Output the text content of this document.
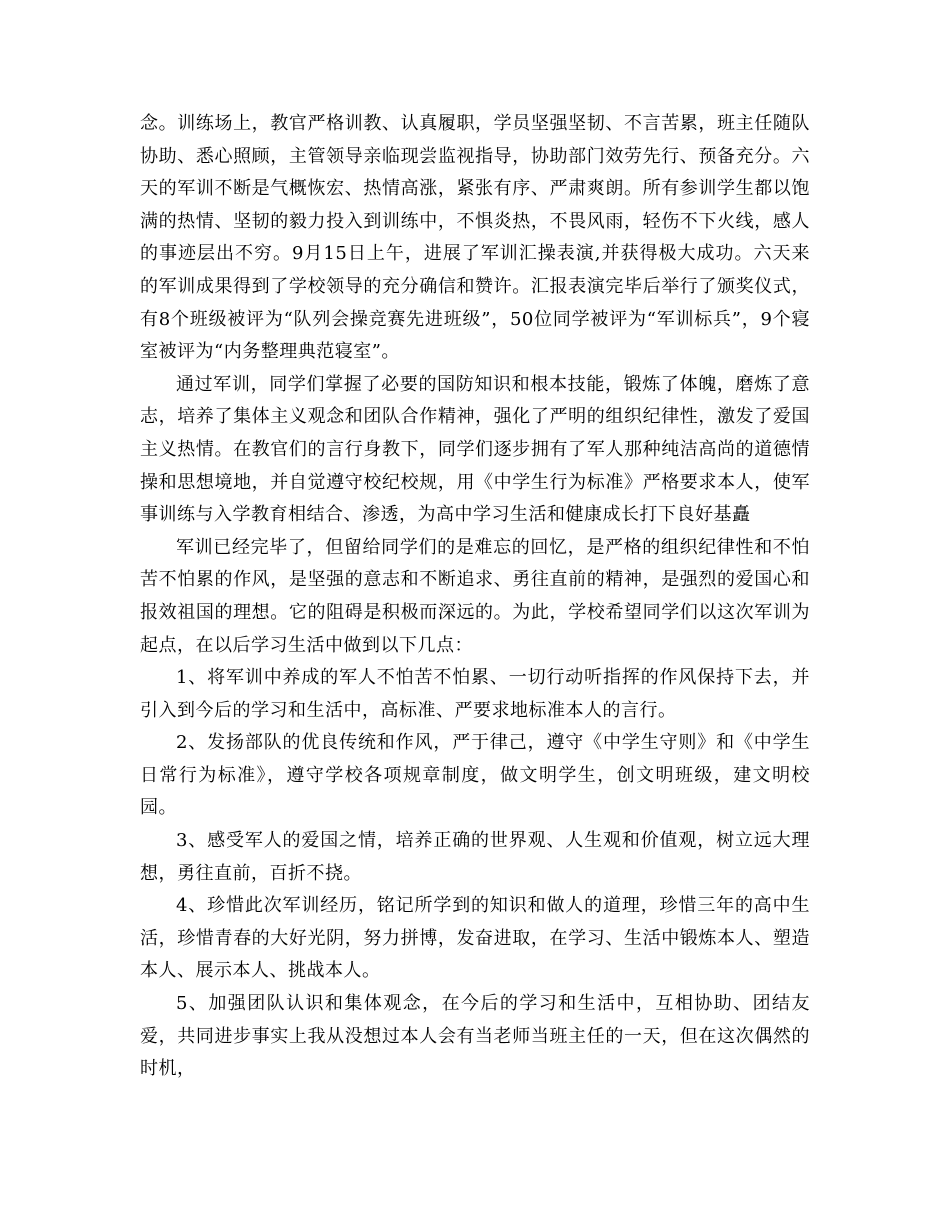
念。训练场上，教官严格训教、认真履职，学员坚强坚韧、不言苦累，班主任随队协助、悉心照顾，主管领导亲临现尝监视指导，协助部门效劳先行、预备充分。六天的军训不断是气概恢宏、热情高涨，紧张有序、严肃爽朗。所有参训学生都以饱满的热情、坚韧的毅力投入到训练中，不惧炎热，不畏风雨，轻伤不下火线，感人的事迹层出不穷。9月15日上午，进展了军训汇操表演,并获得极大成功。六天来的军训成果得到了学校领导的充分确信和赞许。汇报表演完毕后举行了颁奖仪式，有8个班级被评为“队列会操竞赛先进班级”，50位同学被评为“军训标兵”，9个寝室被评为“内务整理典范寝室”。

通过军训，同学们掌握了必要的国防知识和根本技能，锻炼了体魄，磨炼了意志，培养了集体主义观念和团队合作精神，强化了严明的组织纪律性，激发了爱国主义热情。在教官们的言行身教下，同学们逐步拥有了军人那种纯洁高尚的道德情操和思想境地，并自觉遵守校纪校规，用《中学生行为标准》严格要求本人，使军事训练与入学教育相结合、渗透，为高中学习生活和健康成长打下良好基矗

军训已经完毕了，但留给同学们的是难忘的回忆，是严格的组织纪律性和不怕苦不怕累的作风，是坚强的意志和不断追求、勇往直前的精神，是强烈的爱国心和报效祖国的理想。它的阻碍是积极而深远的。为此，学校希望同学们以这次军训为起点，在以后学习生活中做到以下几点：

1、将军训中养成的军人不怕苦不怕累、一切行动听指挥的作风保持下去，并引入到今后的学习和生活中，高标准、严要求地标准本人的言行。

2、发扬部队的优良传统和作风，严于律己，遵守《中学生守则》和《中学生日常行为标准》，遵守学校各项规章制度，做文明学生，创文明班级，建文明校园。

3、感受军人的爱国之情，培养正确的世界观、人生观和价值观，树立远大理想，勇往直前，百折不挠。

4、珍惜此次军训经历，铭记所学到的知识和做人的道理，珍惜三年的高中生活，珍惜青春的大好光阴，努力拼博，发奋进取，在学习、生活中锻炼本人、塑造本人、展示本人、挑战本人。

5、加强团队认识和集体观念，在今后的学习和生活中，互相协助、团结友爱，共同进步事实上我从没想过本人会有当老师当班主任的一天，但在这次偶然的时机，
